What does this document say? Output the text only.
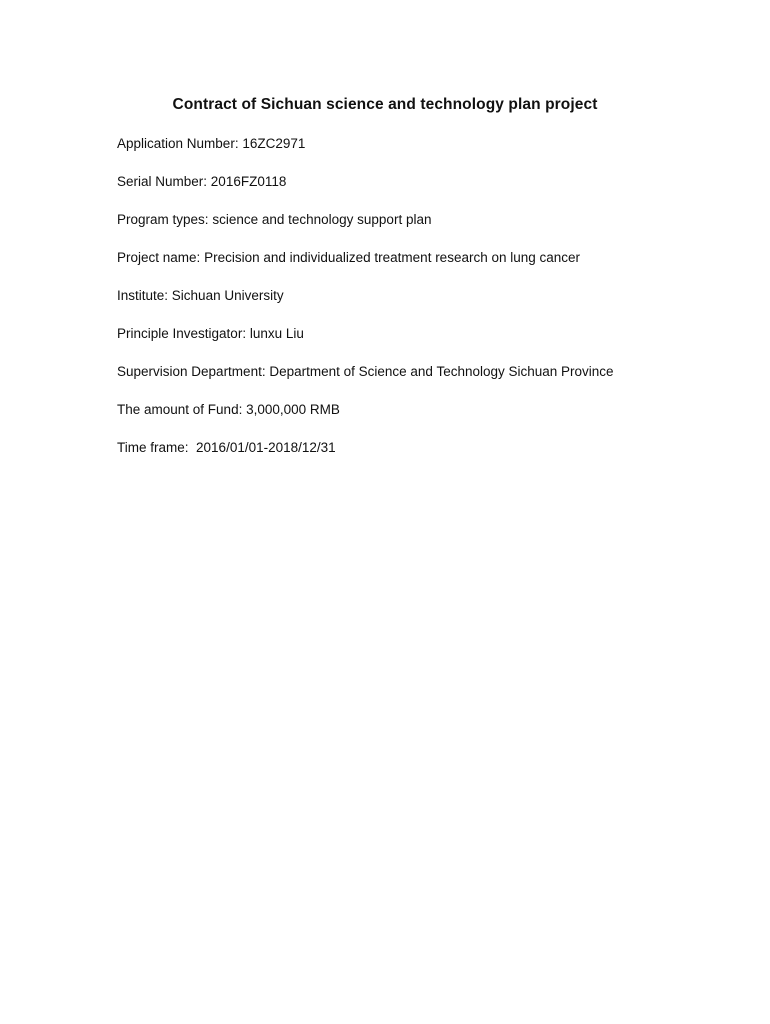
Contract of Sichuan science and technology plan project
Application Number : 16ZC2971
Serial Number : 2016FZ0118
Program types : science and technology support plan
Project name : Precision and individualized treatment research on lung cancer
Institute : Sichuan University
Principle Investigator : lunxu Liu
Supervision Department : Department of Science and Technology Sichuan Province
The amount of Fund : 3,000,000 RMB
Time frame :  2016/01/01-2018/12/31
